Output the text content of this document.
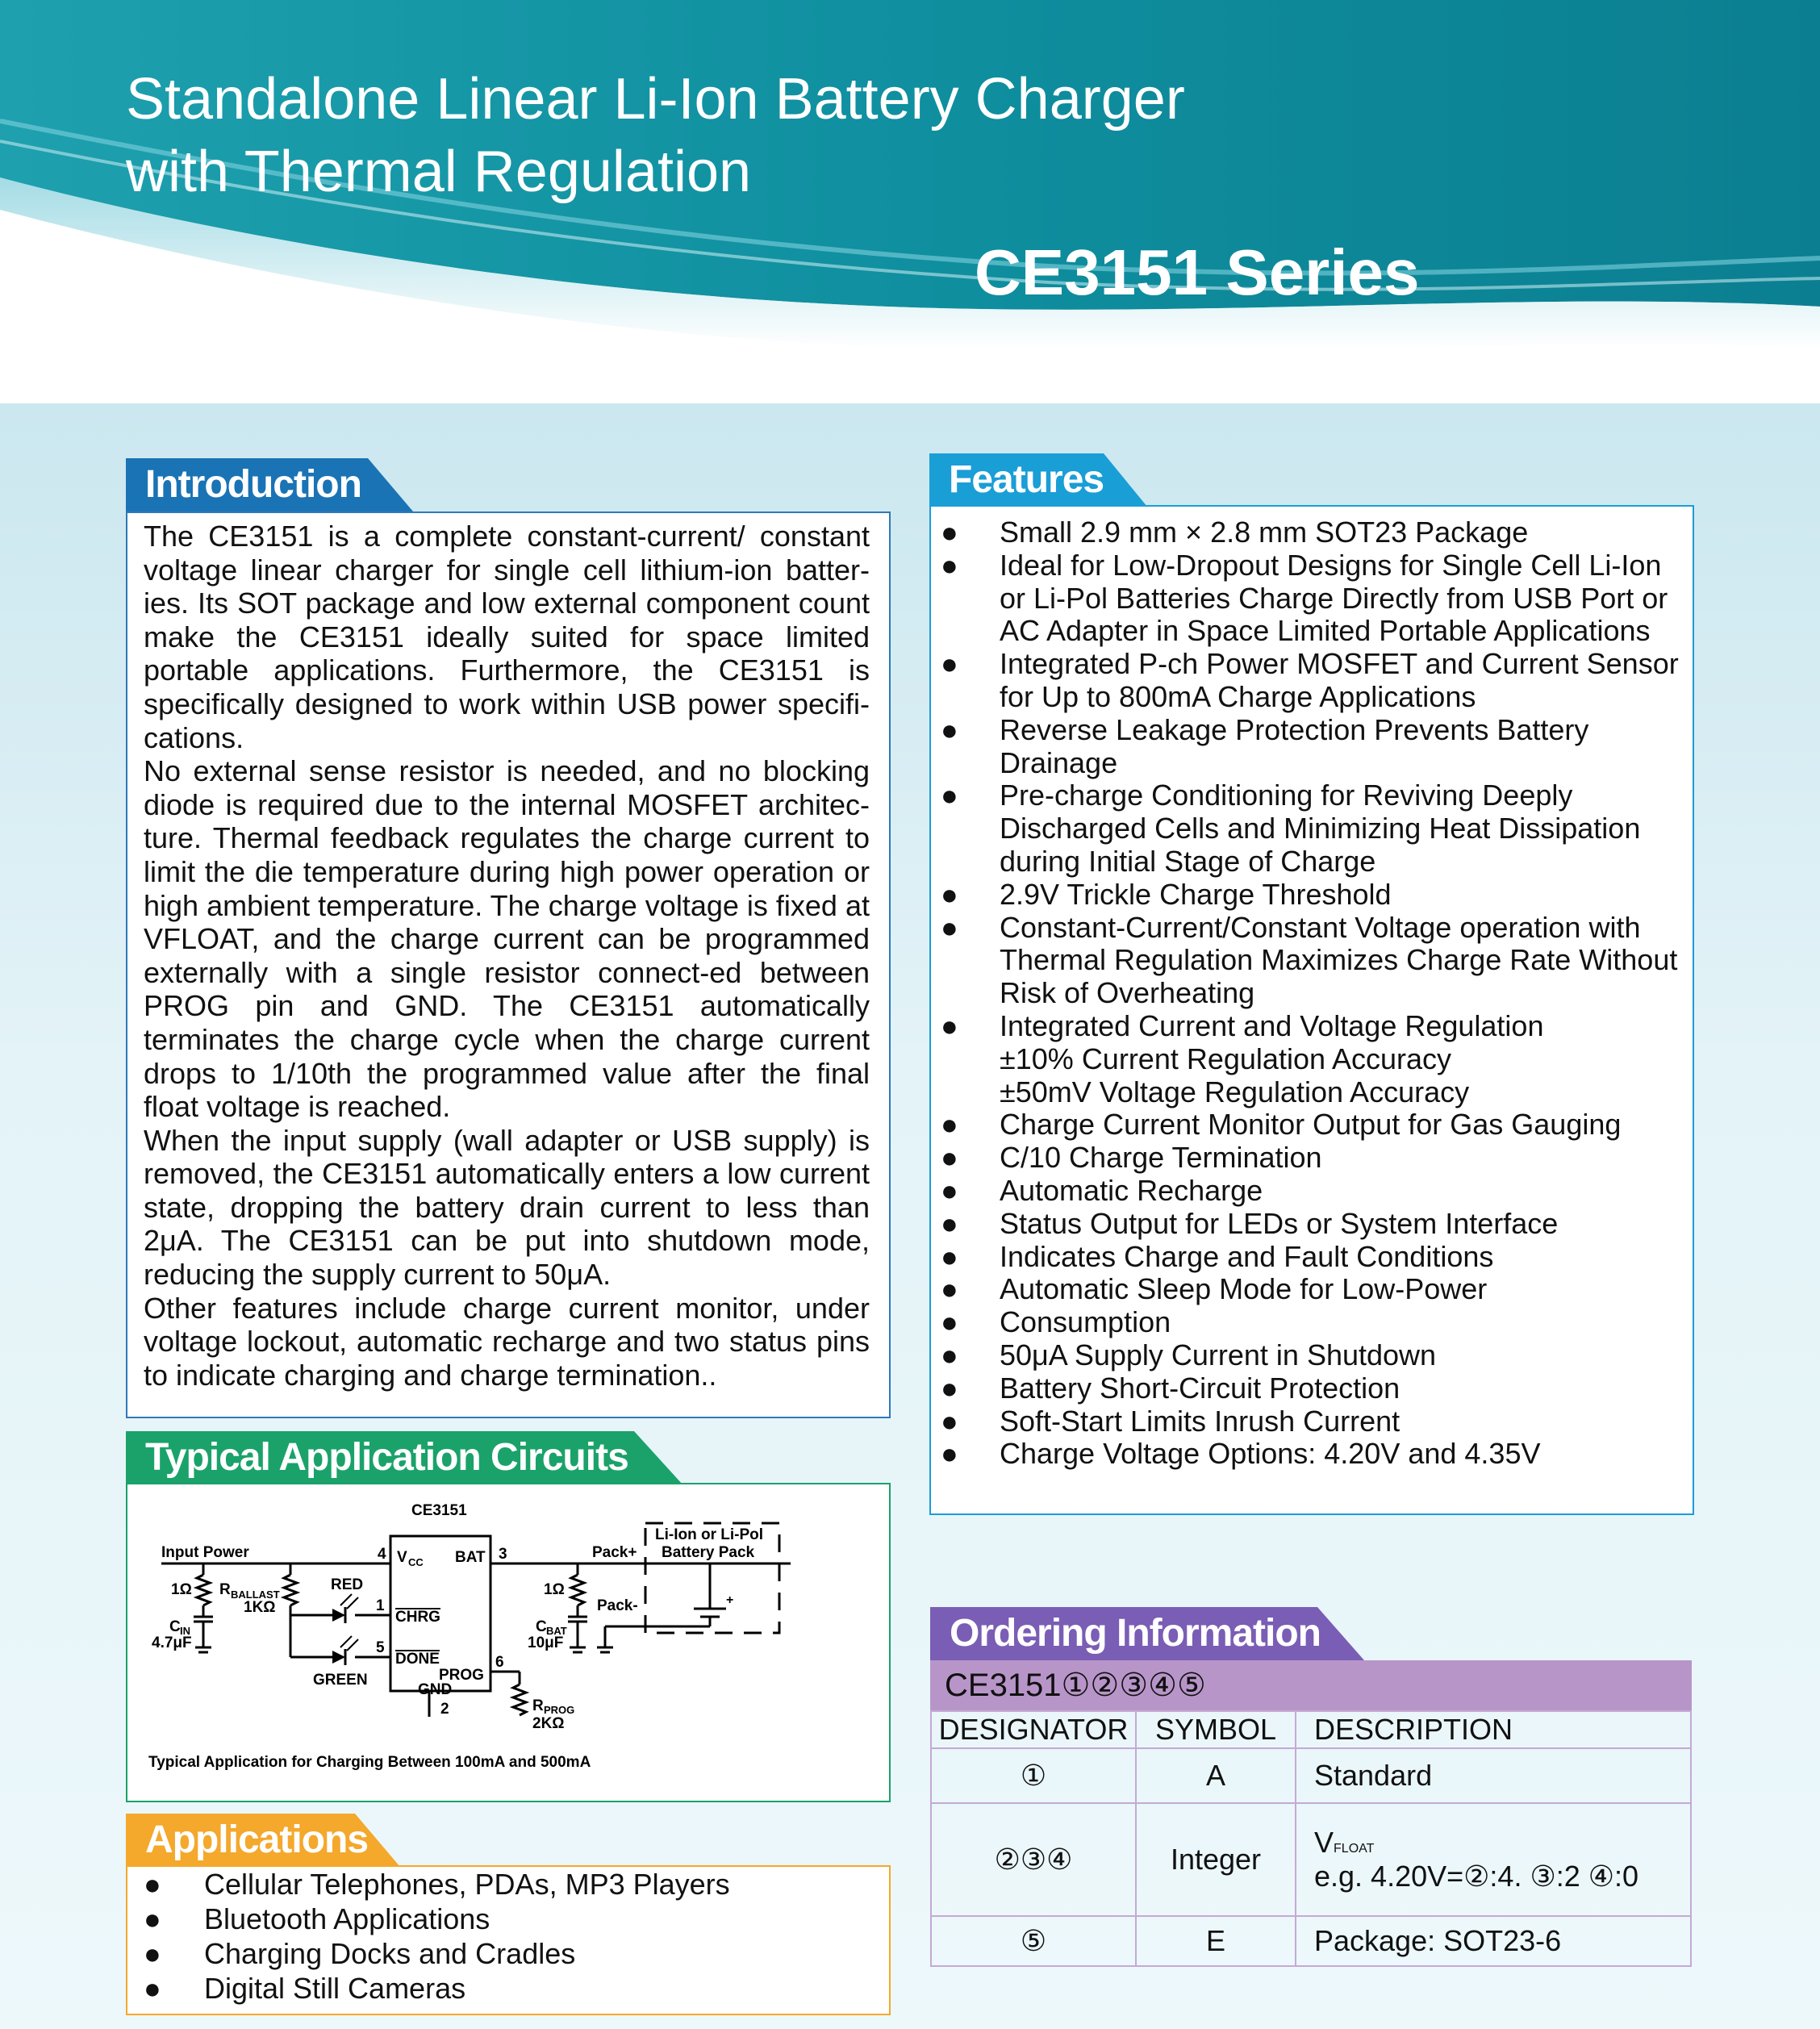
Standalone Linear Li-Ion Battery Charger
with Thermal Regulation
CE3151 Series
Introduction

The CE3151 is a complete constant-current/ constant voltage linear charger for single cell lithium-ion batter-ies. Its SOT package and low external component count make the CE3151 ideally suited for space limited portable applications. Furthermore, the CE3151 is specifically designed to work within USB power specifi-cations.

No external sense resistor is needed, and no blocking diode is required due to the internal MOSFET architec-ture. Thermal feedback regulates the charge current to limit the die temperature during high power operation or high ambient temperature. The charge voltage is fixed at VFLOAT, and the charge current can be programmed externally with a single resistor connect-ed between PROG pin and GND. The CE3151 automatically terminates the charge cycle when the charge current drops to 1/10th the programmed value after the final float voltage is reached.

When the input supply (wall adapter or USB supply) is removed, the CE3151 automatically enters a low current state, dropping the battery drain current to less than 2μA. The CE3151 can be put into shutdown mode, reducing the supply current to 50μA.

Other features include charge current monitor, under voltage lockout, automatic recharge and two status pins to indicate charging and charge termination..

Typical Application Circuits
CE3151
Input Power
1Ω R BALLAST
1KΩ
C IN
4.7μF
RED
GREEN
V CC BAT
CHRG
DONE
PROG
GND
4	3
1
5
6
2
1Ω
C BAT
10μF
Pack+
Pack-
Li-Ion or Li-Pol
Battery Pack
+
R PROG
2KΩ
Typical Application for Charging Between 100mA and 500mA
Applications
● Cellular Telephones, PDAs, MP3 Players
● Bluetooth Applications
● Charging Docks and Cradles
● Digital Still Cameras
Features
●	Small 2.9 mm × 2.8 mm SOT23 Package
●	Ideal for Low-Dropout Designs for Single Cell Li-Ion or Li-Pol Batteries Charge Directly from USB Port or AC Adapter in Space Limited Portable Applications
●	Integrated P-ch Power MOSFET and Current Sensor for Up to 800mA Charge Applications
●	Reverse Leakage Protection Prevents Battery Drainage
●	Pre-charge Conditioning for Reviving Deeply Discharged Cells and Minimizing Heat Dissipation during Initial Stage of Charge
●	2.9V Trickle Charge Threshold
●	Constant-Current/Constant Voltage operation with Thermal Regulation Maximizes Charge Rate Without Risk of Overheating
●	Integrated Current and Voltage Regulation
±10% Current Regulation Accuracy
±50mV Voltage Regulation Accuracy
●	Charge Current Monitor Output for Gas Gauging
●	C/10 Charge Termination
●	Automatic Recharge
●	Status Output for LEDs or System Interface
●	Indicates Charge and Fault Conditions
●	Automatic Sleep Mode for Low-Power
●	Consumption
●	50μA Supply Current in Shutdown
●	Battery Short-Circuit Protection
●	Soft-Start Limits Inrush Current
●	Charge Voltage Options: 4.20V and 4.35V
Ordering Information
CE3151①②③④⑤
DESIGNATOR	SYMBOL	DESCRIPTION
①	A	Standard
②③④	Integer	VFLOAT
e.g. 4.20V=②:4. ③:2 ④:0

⑤	E	Package: SOT23-6
